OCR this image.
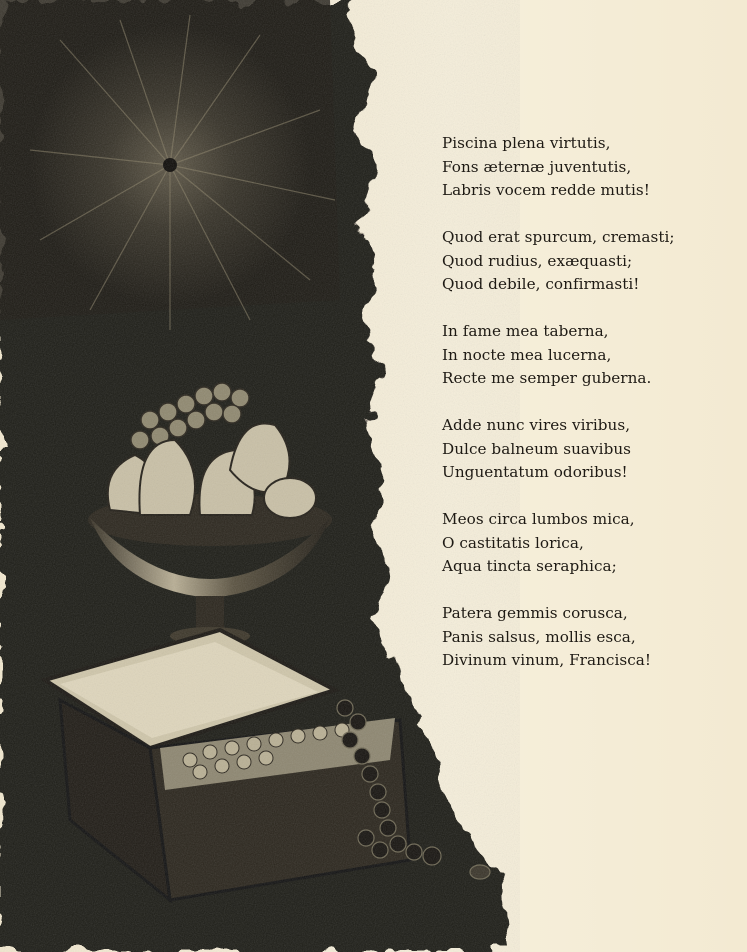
Piscina plena virtutis,
Fons æternæ juventutis,
Labris vocem redde mutis!
Quod erat spurcum, cremasti;
Quod rudius, exæquasti;
Quod debile, confirmasti!
In fame mea taberna,
In nocte mea lucerna,
Recte me semper guberna.
Adde nunc vires viribus,
Dulce balneum suavibus
Unguentatum odoribus!
Meos circa lumbos mica,
O castitatis lorica,
Aqua tincta seraphica;
Patera gemmis corusca,
Panis salsus, mollis esca,
Divinum vinum, Francisca!
